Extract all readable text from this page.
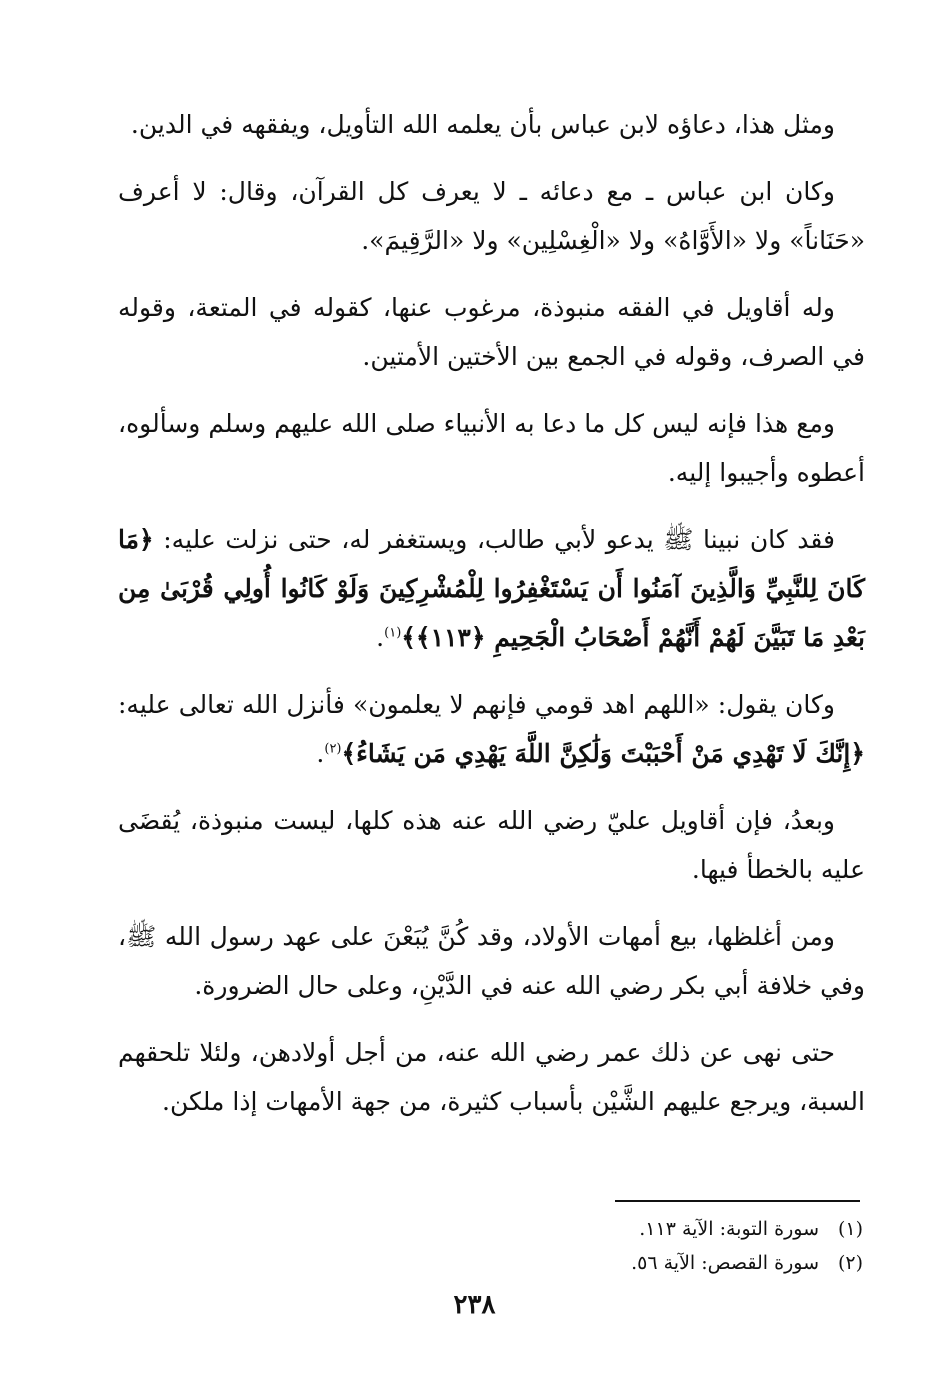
ومثل هذا، دعاؤه لابن عباس بأن يعلمه الله التأويل، ويفقهه في الدين.

وكان ابن عباس ـ مع دعائه ـ لا يعرف كل القرآن، وقال: لا أعرف «حَنَاناً» ولا «الأَوَّاهُ» ولا «الْغِسْلِين» ولا «الرَّقِيمَ».

وله أقاويل في الفقه منبوذة، مرغوب عنها، كقوله في المتعة، وقوله في الصرف، وقوله في الجمع بين الأختين الأمتين.

ومع هذا فإنه ليس كل ما دعا به الأنبياء صلى الله عليهم وسلم وسألوه، أعطوه وأجيبوا إليه.

فقد كان نبينا ﷺ يدعو لأبي طالب، ويستغفر له، حتى نزلت عليه: ﴿مَا كَانَ لِلنَّبِيِّ وَالَّذِينَ آمَنُوا أَن يَسْتَغْفِرُوا لِلْمُشْرِكِينَ وَلَوْ كَانُوا أُولِي قُرْبَىٰ مِن بَعْدِ مَا تَبَيَّنَ لَهُمْ أَنَّهُمْ أَصْحَابُ الْجَحِيمِ ﴿١١٣﴾﴾$^{(١)}$.

وكان يقول: «اللهم اهد قومي فإنهم لا يعلمون» فأنزل الله تعالى عليه: ﴿إِنَّكَ لَا تَهْدِي مَنْ أَحْبَبْتَ وَلَٰكِنَّ اللَّهَ يَهْدِي مَن يَشَاءُ﴾$^{(٢)}$.

وبعدُ، فإن أقاويل عليّ رضي الله عنه هذه كلها، ليست منبوذة، يُقضَى عليه بالخطأ فيها.

ومن أغلظها، بيع أمهات الأولاد، وقد كُنَّ يُبَعْنَ على عهد رسول الله ﷺ، وفي خلافة أبي بكر رضي الله عنه في الدَّيْنِ، وعلى حال الضرورة.

حتى نهى عن ذلك عمر رضي الله عنه، من أجل أولادهن، ولئلا تلحقهم السبة، ويرجع عليهم الشَّيْن بأسباب كثيرة، من جهة الأمهات إذا ملكن.

(١)
سورة التوبة: الآية ١١٣.
(٢)
سورة القصص: الآية ٥٦.
٢٣٨
